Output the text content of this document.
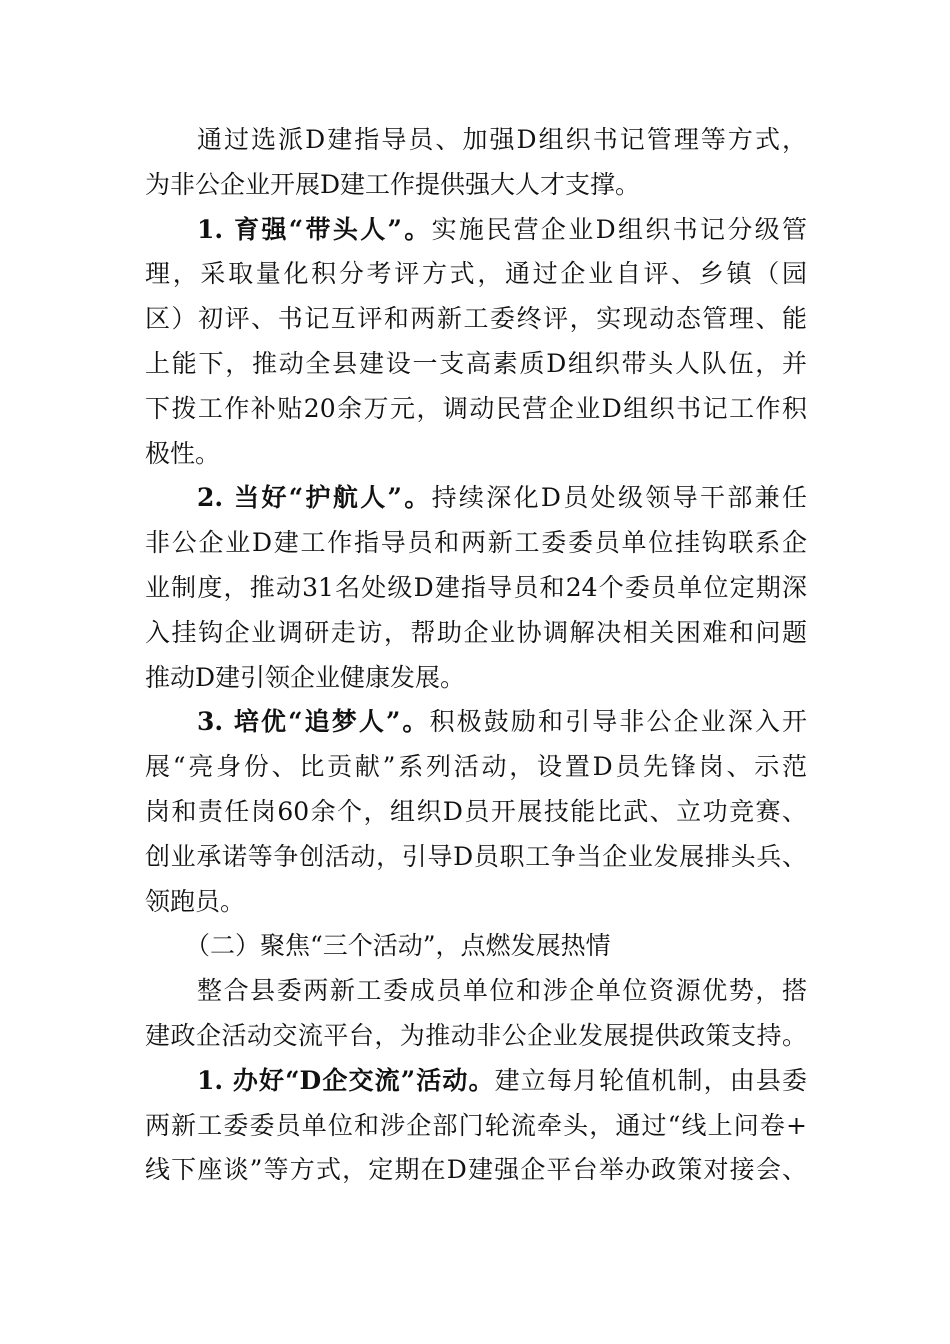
通过选派D建指导员、加强D组织书记管理等方式，
为非公企业开展D建工作提供强大人才支撑。
1. 育强“带头人”。实施民营企业D组织书记分级管
理，采取量化积分考评方式，通过企业自评、乡镇（园
区）初评、书记互评和两新工委终评，实现动态管理、能
上能下，推动全县建设一支高素质D组织带头人队伍，并
下拨工作补贴20余万元，调动民营企业D组织书记工作积
极性。
2. 当好“护航人”。持续深化D员处级领导干部兼任
非公企业D建工作指导员和两新工委委员单位挂钩联系企
业制度，推动31名处级D建指导员和24个委员单位定期深
入挂钩企业调研走访，帮助企业协调解决相关困难和问题
推动D建引领企业健康发展。
3. 培优“追梦人”。积极鼓励和引导非公企业深入开
展“亮身份、比贡献”系列活动，设置D员先锋岗、示范
岗和责任岗60余个，组织D员开展技能比武、立功竞赛、
创业承诺等争创活动，引导D员职工争当企业发展排头兵、
领跑员。
（二）聚焦“三个活动”，点燃发展热情
整合县委两新工委成员单位和涉企单位资源优势，搭
建政企活动交流平台，为推动非公企业发展提供政策支持。
1. 办好“D企交流”活动。建立每月轮值机制，由县委
两新工委委员单位和涉企部门轮流牵头，通过“线上问卷+
线下座谈”等方式，定期在D建强企平台举办政策对接会、
